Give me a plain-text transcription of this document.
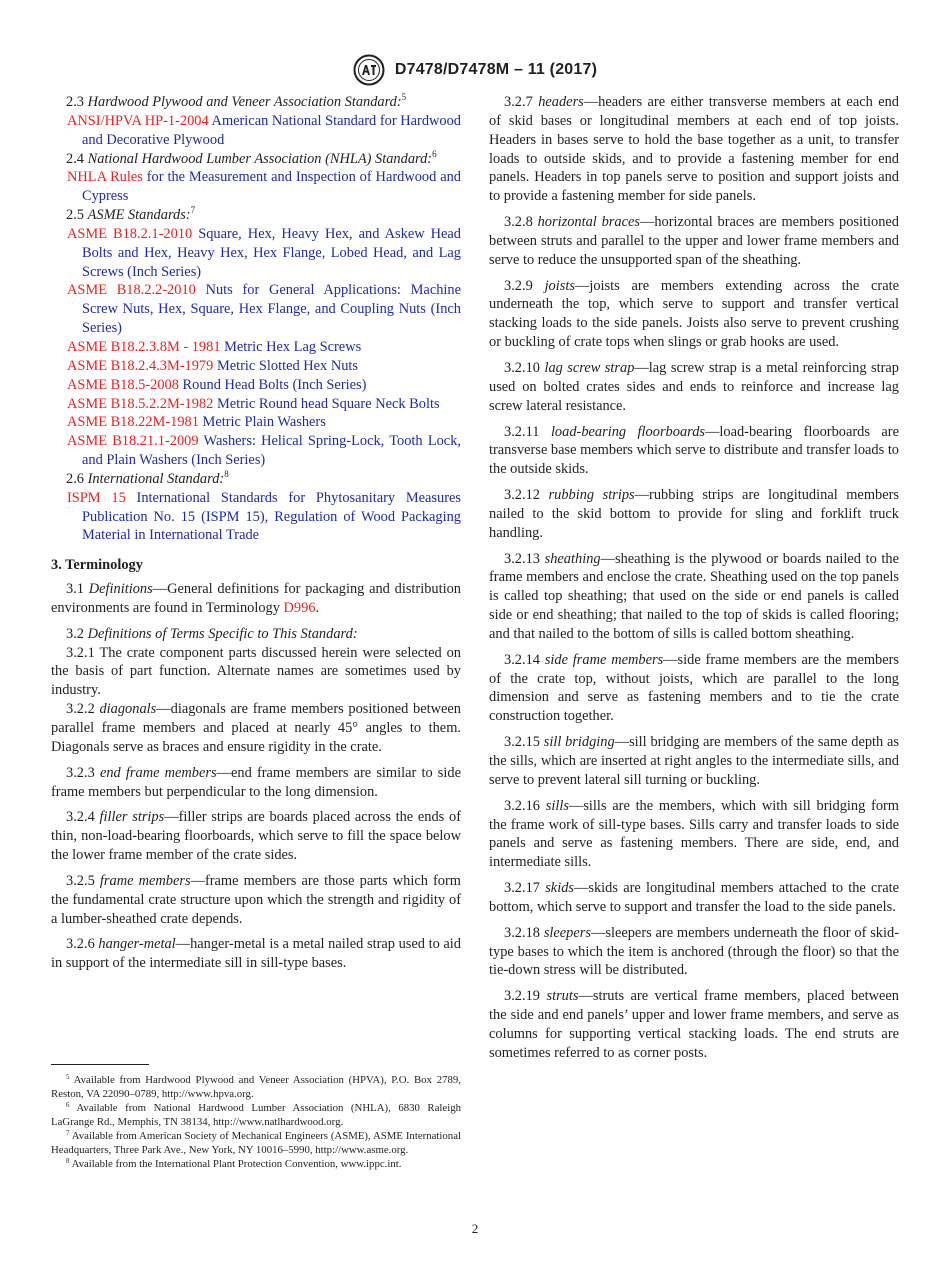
D7478/D7478M – 11 (2017)

2.3 Hardwood Plywood and Veneer Association Standard:$^5$

ANSI/HPVA HP-1-2004 American National Standard for Hardwood and Decorative Plywood

2.4 National Hardwood Lumber Association (NHLA) Standard:$^6$

NHLA Rules for the Measurement and Inspection of Hardwood and Cypress

2.5 ASME Standards:$^7$

ASME B18.2.1-2010 Square, Hex, Heavy Hex, and Askew Head Bolts and Hex, Heavy Hex, Hex Flange, Lobed Head, and Lag Screws (Inch Series)

ASME B18.2.2-2010 Nuts for General Applications: Machine Screw Nuts, Hex, Square, Hex Flange, and Coupling Nuts (Inch Series)

ASME B18.2.3.8M - 1981 Metric Hex Lag Screws

ASME B18.2.4.3M-1979 Metric Slotted Hex Nuts

ASME B18.5-2008 Round Head Bolts (Inch Series)

ASME B18.5.2.2M-1982 Metric Round head Square Neck Bolts

ASME B18.22M-1981 Metric Plain Washers

ASME B18.21.1-2009 Washers: Helical Spring-Lock, Tooth Lock, and Plain Washers (Inch Series)

2.6 International Standard:$^8$

ISPM 15 International Standards for Phytosanitary Measures Publication No. 15 (ISPM 15), Regulation of Wood Packaging Material in International Trade

3. Terminology

3.1 Definitions—General definitions for packaging and distribution environments are found in Terminology D996.

3.2 Definitions of Terms Specific to This Standard:

3.2.1 The crate component parts discussed herein were selected on the basis of part function. Alternate names are sometimes used by industry.

3.2.2 diagonals—diagonals are frame members positioned between parallel frame members and placed at nearly 45° angles to them. Diagonals serve as braces and ensure rigidity in the crate.

3.2.3 end frame members—end frame members are similar to side frame members but perpendicular to the long dimension.

3.2.4 filler strips—filler strips are boards placed across the ends of thin, non-load-bearing floorboards, which serve to fill the space below the lower frame member of the crate sides.

3.2.5 frame members—frame members are those parts which form the fundamental crate structure upon which the strength and rigidity of a lumber-sheathed crate depends.

3.2.6 hanger-metal—hanger-metal is a metal nailed strap used to aid in support of the intermediate sill in sill-type bases.

3.2.7 headers—headers are either transverse members at each end of skid bases or longitudinal members at each end of top joists. Headers in bases serve to hold the base together as a unit, to transfer loads to outside skids, and to provide a fastening member for end panels. Headers in top panels serve to position and support joists and to provide a fastening member for side panels.

3.2.8 horizontal braces—horizontal braces are members positioned between struts and parallel to the upper and lower frame members and serve to reduce the unsupported span of the sheathing.

3.2.9 joists—joists are members extending across the crate underneath the top, which serve to support and transfer vertical stacking loads to the side panels. Joists also serve to prevent crushing or buckling of crate tops when slings or grab hooks are used.

3.2.10 lag screw strap—lag screw strap is a metal reinforcing strap used on bolted crates sides and ends to reinforce and increase lag screw lateral resistance.

3.2.11 load-bearing floorboards—load-bearing floorboards are transverse base members which serve to distribute and transfer loads to the outside skids.

3.2.12 rubbing strips—rubbing strips are longitudinal members nailed to the skid bottom to provide for sling and forklift truck handling.

3.2.13 sheathing—sheathing is the plywood or boards nailed to the frame members and enclose the crate. Sheathing used on the top panels is called top sheathing; that used on the side or end panels is called side or end sheathing; that nailed to the top of skids is called flooring; and that nailed to the bottom of sills is called bottom sheathing.

3.2.14 side frame members—side frame members are the members of the crate top, without joists, which are parallel to the long dimension and serve as fastening members and to tie the crate construction together.

3.2.15 sill bridging—sill bridging are members of the same depth as the sills, which are inserted at right angles to the intermediate sills, and serve to prevent lateral sill turning or buckling.

3.2.16 sills—sills are the members, which with sill bridging form the frame work of sill-type bases. Sills carry and transfer loads to side panels and serve as fastening members. There are side, end, and intermediate sills.

3.2.17 skids—skids are longitudinal members attached to the crate bottom, which serve to support and transfer the load to the side panels.

3.2.18 sleepers—sleepers are members underneath the floor of skid-type bases to which the item is anchored (through the floor) so that the tie-down stress will be distributed.

3.2.19 struts—struts are vertical frame members, placed between the side and end panels’ upper and lower frame members, and serve as columns for supporting vertical stacking loads. The end struts are sometimes referred to as corner posts.

$^5$ Available from Hardwood Plywood and Veneer Association (HPVA), P.O. Box 2789, Reston, VA 22090–0789, http://www.hpva.org.

$^6$ Available from National Hardwood Lumber Association (NHLA), 6830 Raleigh LaGrange Rd., Memphis, TN 38134, http://www.natlhardwood.org.

$^7$ Available from American Society of Mechanical Engineers (ASME), ASME International Headquarters, Three Park Ave., New York, NY 10016–5990, http://www.asme.org.

$^8$ Available from the International Plant Protection Convention, www.ippc.int.

2
